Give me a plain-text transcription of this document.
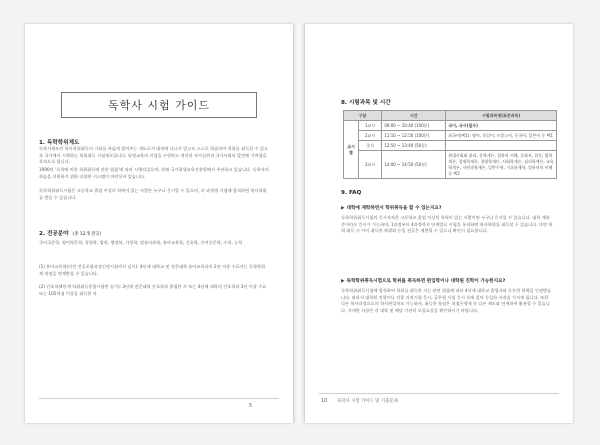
독학사 시험 가이드
1. 독학학위제도
독학사제도란 학사학위취득의 기회를 폭넓게 열어주는 제도로서 대학에 다니지 않고도 스스로 학습하여 학위를 취득할 수 있도록 국가에서 시행하는 학위취득 시험제도입니다. 평생교육의 이념을 구현하고 개인의 자아실현과 국가사회의 발전에 기여함을 목적으로 합니다.
1990년 '독학에 의한 학위취득에 관한 법률'에 따라 시행되었으며, 현재 국가평생교육진흥원에서 주관하고 있습니다. 독학자의 학습을 지원하기 위한 다양한 시스템이 마련되어 있습니다.
독학학위취득시험은 고등학교 졸업 이상의 학력이 있는 사람은 누구나 응시할 수 있으며, 각 과정별 시험에 합격하면 학사학위를 받을 수 있습니다.
2. 전공분야 (총 12개 전공)
국어국문학, 영어영문학, 경영학, 법학, 행정학, 가정학, 컴퓨터과학, 유아교육학, 간호학, 중어중문학, 수학, 농학
(1) 유아교육학(이전 전공포함과정인정시험까지 실시): 4년제 대학교 및 전문대학 유아교육과의 2년 이상 수료자는 독학학위제 과정을 면제받을 수 있습니다.
(2) 간호학(4단계 학위취득종합시험만 실시): 3년제 전문대학 간호학과 졸업한 자 또는 4년제 대학의 간호학과 3년 이상 수료 또는 105학점 이상을 취득한 자
5
8. 시험과목 및 시간
구분		시간	시험과목명(표준과목)
교시별	1교시	09:00 ~ 10:40 (100분)	국어, 국사(필수)
	2교시	11:10 ~ 12:50 (100분)	외국어(택1): 영어, 독일어, 프랑스어, 중국어, 일본어 중 택1
	중식	12:50 ~ 13:40 (50분)	
	3교시	14:00 ~ 14:50 (50분)	현대사회와 윤리, 문학개론, 철학의 이해, 문화사, 한문, 법학개론, 경제학개론, 경영학개론, 사회학개론, 심리학개론, 교육학개론, 자연과학개론, 일반수학, 기초통계학, 컴퓨터의 이해 중 택2
9. FAQ
▶ 대학에 재학하면서 학위취득을 할 수 있는지요?
독학학위취득시험의 응시자격은 고등학교 졸업 이상의 학력이 있는 사람이면 누구나 응시할 수 있습니다. 대학 재학 중이라도 응시가 가능하며, 1과정부터 4과정까지 단계별로 시험을 통과하면 학사학위를 취득할 수 있습니다. 다만 학위 취득 시 이미 취득한 학위와 동일 전공은 제한될 수 있으니 확인이 필요합니다.
▶ 독학학위취득시험으로 학위를 취득하면 편입학이나 대학원 진학이 가능한지요?
독학학위취득시험에 합격하여 학위를 취득한 자는 관련 법률에 따라 4년제 대학교 졸업자와 동등한 학력을 인정받습니다. 따라서 대학원 진학이나 각종 자격시험 응시, 공무원 시험 응시 등에 있어 동일한 자격을 가지게 됩니다. 또한 다른 학사과정으로의 학사편입학도 가능하며, 취득한 학점은 학점은행제 등 다른 제도와 연계하여 활용할 수 있습니다. 자세한 사항은 각 대학 및 해당 기관의 모집요강을 확인하시기 바랍니다.
10 독학사 시험 가이드 및 기출문제
